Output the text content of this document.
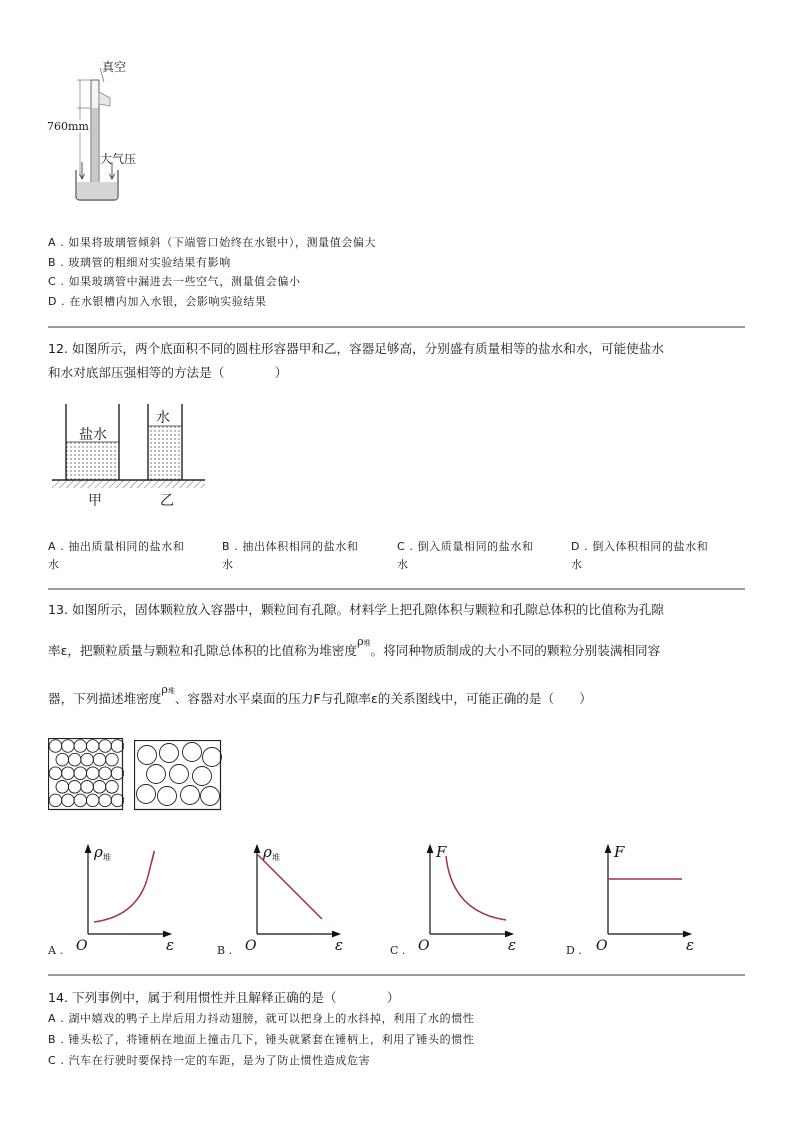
真空
760mm
大气压
A . 如果将玻璃管倾斜（下端管口始终在水银中），测量值会偏大
B . 玻璃管的粗细对实验结果有影响
C . 如果玻璃管中漏进去一些空气，测量值会偏小
D . 在水银槽内加入水银，会影响实验结果
12. 如图所示，两个底面积不同的圆柱形容器甲和乙，容器足够高，分别盛有质量相等的盐水和水，可能使盐水
和水对底部压强相等的方法是（　　　　）
盐水
水
甲	乙
A . 抽出质量相同的盐水和
水
B . 抽出体积相同的盐水和
水
C . 倒入质量相同的盐水和
水
D . 倒入体积相同的盐水和
水
13. 如图所示，固体颗粒放入容器中，颗粒间有孔隙。材料学上把孔隙体积与颗粒和孔隙总体积的比值称为孔隙
率ε，把颗粒质量与颗粒和孔隙总体积的比值称为堆密度ρ堆。将同种物质制成的大小不同的颗粒分别装满相同容
器，下列描述堆密度ρ堆、容器对水平桌面的压力F与孔隙率ε的关系图线中，可能正确的是（　　）
A .
ρ 堆
O	ε	B .
ρ 堆
O	ε	C .
F
O	ε	D .
F
O	ε
14. 下列事例中，属于利用惯性并且解释正确的是（　　　　）
A . 湖中嬉戏的鸭子上岸后用力抖动翅膀，就可以把身上的水抖掉，利用了水的惯性
B . 锤头松了，将锤柄在地面上撞击几下，锤头就紧套在锤柄上，利用了锤头的惯性
C . 汽车在行驶时要保持一定的车距，是为了防止惯性造成危害
